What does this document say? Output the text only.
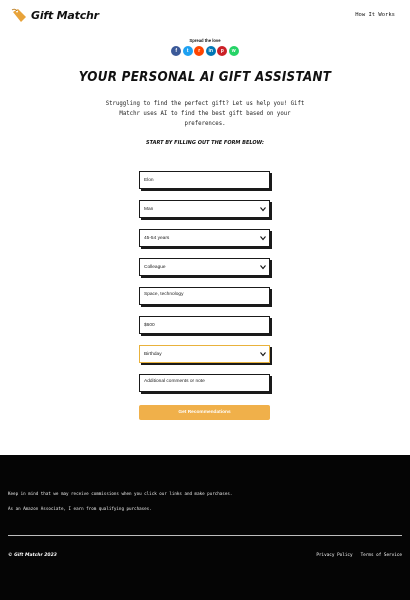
Gift Matchr	How It Works
Spread the love
f	t	r	in	p	w
YOUR PERSONAL AI GIFT ASSISTANT

Struggling to find the perfect gift? Let us help you! Gift Matchr uses AI to find the best gift based on your preferences.

START BY FILLING OUT THE FORM BELOW:
Elon
Man
45-54 years
Colleague
Space, technology
$600
Birthday
Additional comments or note
Get Recommendations

Keep in mind that we may receive commissions when you click our links and make purchases.

As an Amazon Associate, I earn from qualifying purchases.

© Gift Matchr 2023	Privacy Policy Terms of Service
